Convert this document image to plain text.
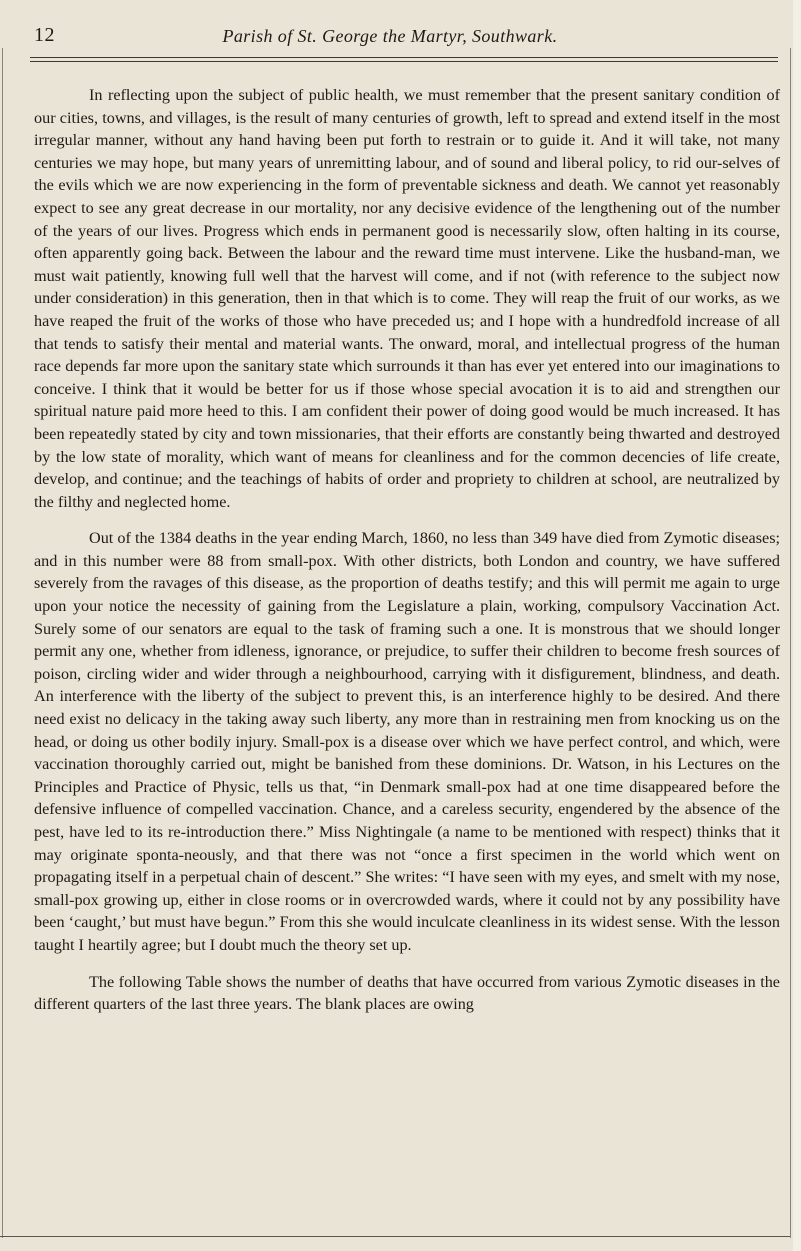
12	Parish of St. George the Martyr, Southwark.

In reflecting upon the subject of public health, we must remember that the present sanitary condition of our cities, towns, and villages, is the result of many centuries of growth, left to spread and extend itself in the most irregular manner, without any hand having been put forth to restrain or to guide it. And it will take, not many centuries we may hope, but many years of unremitting labour, and of sound and liberal policy, to rid our-selves of the evils which we are now experiencing in the form of preventable sickness and death. We cannot yet reasonably expect to see any great decrease in our mortality, nor any decisive evidence of the lengthening out of the number of the years of our lives. Progress which ends in permanent good is necessarily slow, often halting in its course, often apparently going back. Between the labour and the reward time must intervene. Like the husband-man, we must wait patiently, knowing full well that the harvest will come, and if not (with reference to the subject now under consideration) in this generation, then in that which is to come. They will reap the fruit of our works, as we have reaped the fruit of the works of those who have preceded us; and I hope with a hundredfold increase of all that tends to satisfy their mental and material wants. The onward, moral, and intellectual progress of the human race depends far more upon the sanitary state which surrounds it than has ever yet entered into our imaginations to conceive. I think that it would be better for us if those whose special avocation it is to aid and strengthen our spiritual nature paid more heed to this. I am confident their power of doing good would be much increased. It has been repeatedly stated by city and town missionaries, that their efforts are constantly being thwarted and destroyed by the low state of morality, which want of means for cleanliness and for the common decencies of life create, develop, and continue; and the teachings of habits of order and propriety to children at school, are neutralized by the filthy and neglected home.

Out of the 1384 deaths in the year ending March, 1860, no less than 349 have died from Zymotic diseases; and in this number were 88 from small-pox. With other districts, both London and country, we have suffered severely from the ravages of this disease, as the proportion of deaths testify; and this will permit me again to urge upon your notice the necessity of gaining from the Legislature a plain, working, compulsory Vaccination Act. Surely some of our senators are equal to the task of framing such a one. It is monstrous that we should longer permit any one, whether from idleness, ignorance, or prejudice, to suffer their children to become fresh sources of poison, circling wider and wider through a neighbourhood, carrying with it disfigurement, blindness, and death. An interference with the liberty of the subject to prevent this, is an interference highly to be desired. And there need exist no delicacy in the taking away such liberty, any more than in restraining men from knocking us on the head, or doing us other bodily injury. Small-pox is a disease over which we have perfect control, and which, were vaccination thoroughly carried out, might be banished from these dominions. Dr. Watson, in his Lectures on the Principles and Practice of Physic, tells us that, “in Denmark small-pox had at one time disappeared before the defensive influence of compelled vaccination. Chance, and a careless security, engendered by the absence of the pest, have led to its re-introduction there.” Miss Nightingale (a name to be mentioned with respect) thinks that it may originate sponta-neously, and that there was not “once a first specimen in the world which went on propagating itself in a perpetual chain of descent.” She writes: “I have seen with my eyes, and smelt with my nose, small-pox growing up, either in close rooms or in overcrowded wards, where it could not by any possibility have been ‘caught,’ but must have begun.” From this she would inculcate cleanliness in its widest sense. With the lesson taught I heartily agree; but I doubt much the theory set up.

The following Table shows the number of deaths that have occurred from various Zymotic diseases in the different quarters of the last three years. The blank places are owing
